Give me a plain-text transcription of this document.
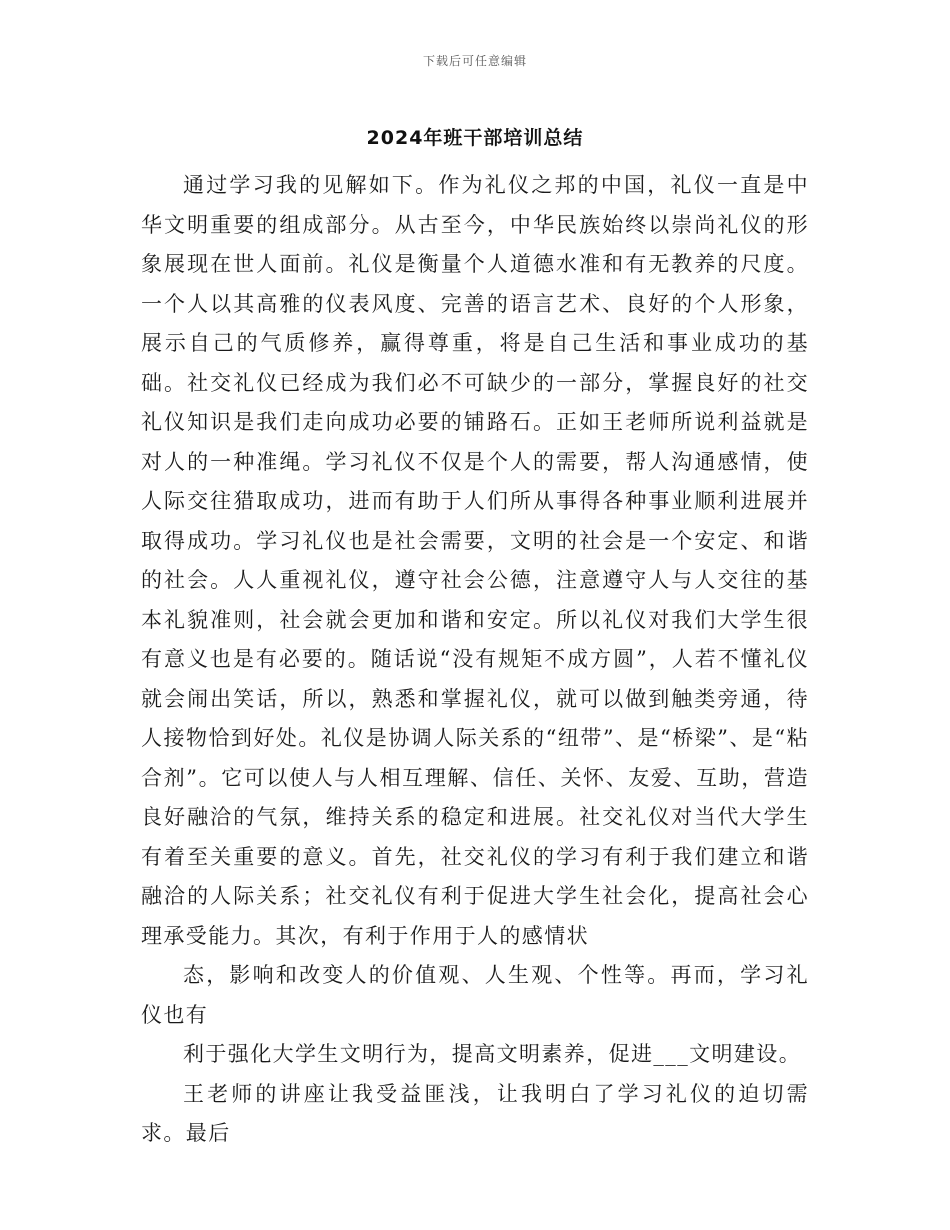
下载后可任意编辑
2024年班干部培训总结

通过学习我的见解如下。作为礼仪之邦的中国，礼仪一直是中华文明重要的组成部分。从古至今，中华民族始终以崇尚礼仪的形象展现在世人面前。礼仪是衡量个人道德水准和有无教养的尺度。一个人以其高雅的仪表风度、完善的语言艺术、良好的个人形象，展示自己的气质修养，赢得尊重，将是自己生活和事业成功的基础。社交礼仪已经成为我们必不可缺少的一部分，掌握良好的社交礼仪知识是我们走向成功必要的铺路石。正如王老师所说利益就是对人的一种准绳。学习礼仪不仅是个人的需要，帮人沟通感情，使人际交往猎取成功，进而有助于人们所从事得各种事业顺利进展并取得成功。学习礼仪也是社会需要，文明的社会是一个安定、和谐的社会。人人重视礼仪，遵守社会公德，注意遵守人与人交往的基本礼貌准则，社会就会更加和谐和安定。所以礼仪对我们大学生很有意义也是有必要的。随话说“没有规矩不成方圆”，人若不懂礼仪就会闹出笑话，所以，熟悉和掌握礼仪，就可以做到触类旁通，待人接物恰到好处。礼仪是协调人际关系的“纽带”、是“桥梁”、是“粘合剂”。它可以使人与人相互理解、信任、关怀、友爱、互助，营造良好融洽的气氛，维持关系的稳定和进展。社交礼仪对当代大学生有着至关重要的意义。首先，社交礼仪的学习有利于我们建立和谐融洽的人际关系；社交礼仪有利于促进大学生社会化，提高社会心理承受能力。其次，有利于作用于人的感情状

态，影响和改变人的价值观、人生观、个性等。再而，学习礼仪也有

利于强化大学生文明行为，提高文明素养，促进___文明建设。

王老师的讲座让我受益匪浅，让我明白了学习礼仪的迫切需求。最后
